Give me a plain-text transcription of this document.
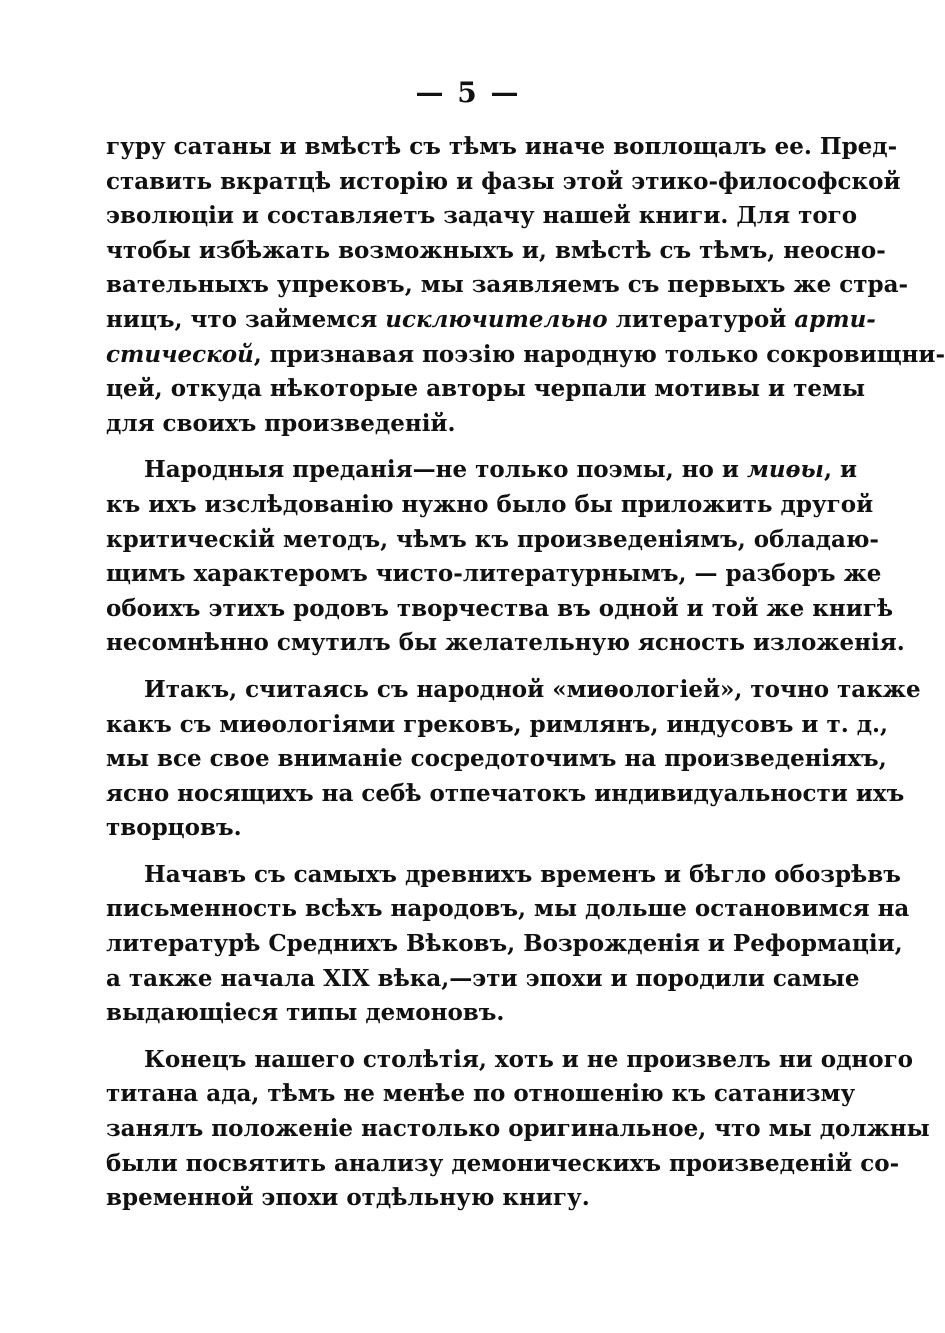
— 5 —
гуру сатаны и вмѣстѣ съ тѣмъ иначе воплощалъ ее. Пред-
ставить вкратцѣ исторію и фазы этой этико-философской
эволюціи и составляетъ задачу нашей книги. Для того
чтобы избѣжать возможныхъ и, вмѣстѣ съ тѣмъ, неосно-
вательныхъ упрековъ, мы заявляемъ съ первыхъ же стра-
ницъ, что займемся исключительно литературой арти-
стической, признавая поэзію народную только сокровищни-
цей, откуда нѣкоторые авторы черпали мотивы и темы
для своихъ произведеній.
Народныя преданія—не только поэмы, но и миѳы, и
къ ихъ изслѣдованію нужно было бы приложить другой
критическій методъ, чѣмъ къ произведеніямъ, обладаю-
щимъ характеромъ чисто-литературнымъ, — разборъ же
обоихъ этихъ родовъ творчества въ одной и той же книгѣ
несомнѣнно смутилъ бы желательную ясность изложенія.
Итакъ, считаясь съ народной «миѳологіей», точно также
какъ съ миѳологіями грековъ, римлянъ, индусовъ и т. д.,
мы все свое вниманіе сосредоточимъ на произведеніяхъ,
ясно носящихъ на себѣ отпечатокъ индивидуальности ихъ
творцовъ.
Начавъ съ самыхъ древнихъ временъ и бѣгло обозрѣвъ
письменность всѣхъ народовъ, мы дольше остановимся на
литературѣ Среднихъ Вѣковъ, Возрожденія и Реформаціи,
а также начала XIX вѣка,—эти эпохи и породили самые
выдающіеся типы демоновъ.
Конецъ нашего столѣтія, хоть и не произвелъ ни одного
титана ада, тѣмъ не менѣе по отношенію къ сатанизму
занялъ положеніе настолько оригинальное, что мы должны
были посвятить анализу демоническихъ произведеній со-
временной эпохи отдѣльную книгу.
